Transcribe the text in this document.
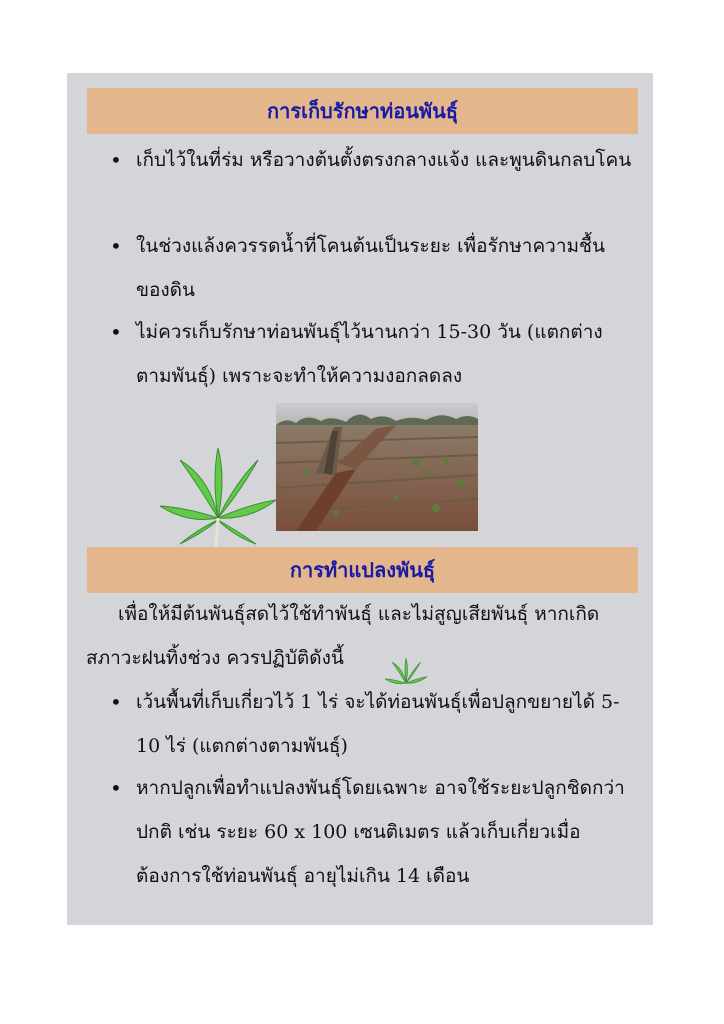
การเก็บรักษาท่อนพันธุ์
• เก็บไว้ในที่ร่ม หรือวางต้นตั้งตรงกลางแจ้ง และพูนดินกลบโคน
• ในช่วงแล้งควรรดน้ำที่โคนต้นเป็นระยะ เพื่อรักษาความชื้นของดิน
• ไม่ควรเก็บรักษาท่อนพันธุ์ไว้นานกว่า 15-30 วัน (แตกต่างตามพันธุ์) เพราะจะทำให้ความงอกลดลง
การทำแปลงพันธุ์
เพื่อให้มีต้นพันธุ์สดไว้ใช้ทำพันธุ์ และไม่สูญเสียพันธุ์ หากเกิดสภาวะฝนทิ้งช่วง ควรปฏิบัติดังนี้
• เว้นพื้นที่เก็บเกี่ยวไว้ 1 ไร่ จะได้ท่อนพันธุ์เพื่อปลูกขยายได้ 5-10 ไร่ (แตกต่างตามพันธุ์)
• หากปลูกเพื่อทำแปลงพันธุ์โดยเฉพาะ อาจใช้ระยะปลูกชิดกว่าปกติ เช่น ระยะ 60 x 100 เซนติเมตร แล้วเก็บเกี่ยวเมื่อต้องการใช้ท่อนพันธุ์ อายุไม่เกิน 14 เดือน
